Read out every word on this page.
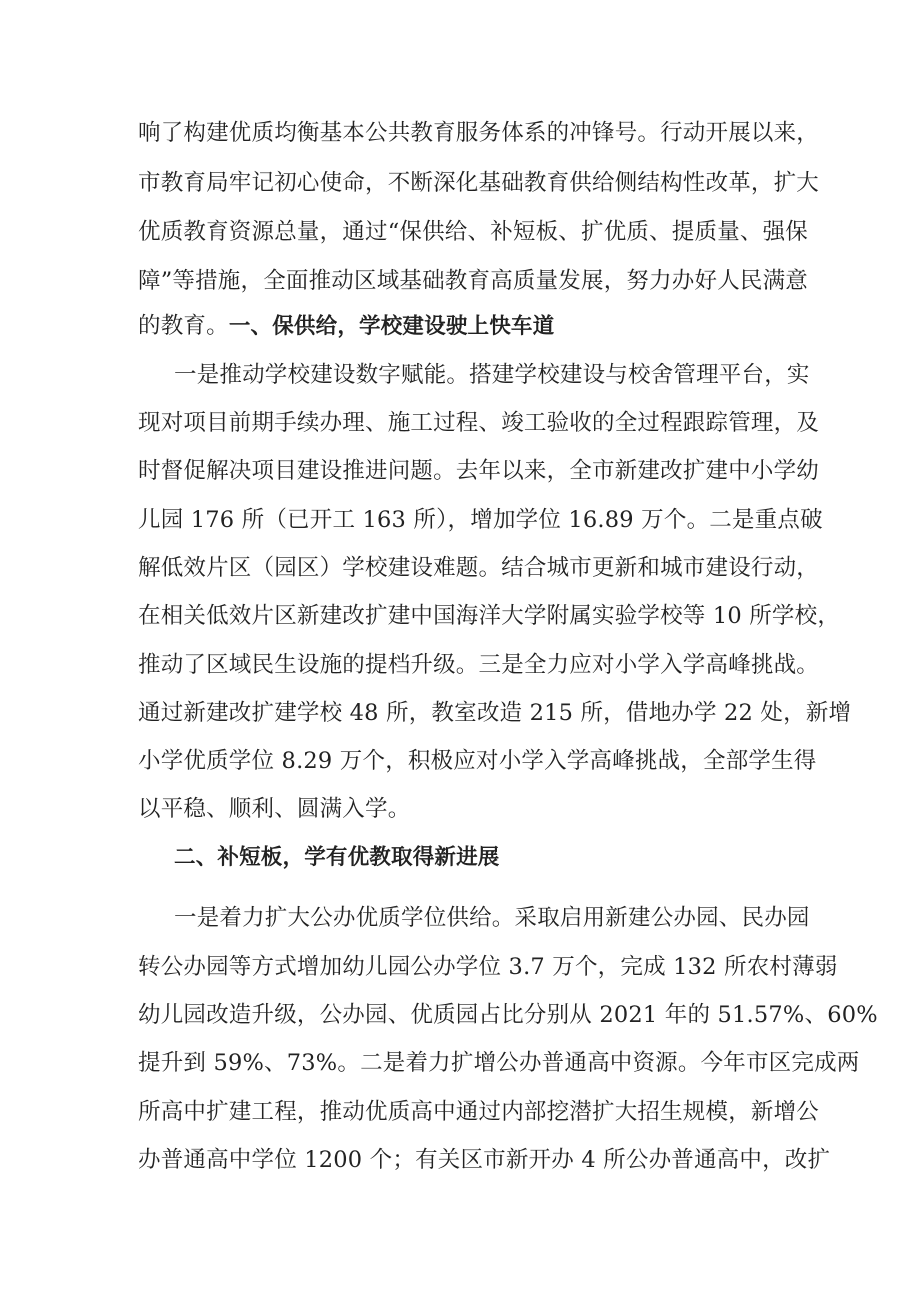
响了构建优质均衡基本公共教育服务体系的冲锋号。行动开展以来，
市教育局牢记初心使命，不断深化基础教育供给侧结构性改革，扩大
优质教育资源总量，通过“保供给、补短板、扩优质、提质量、强保
障”等措施，全面推动区域基础教育高质量发展，努力办好人民满意
的教育。一、保供给，学校建设驶上快车道
一是推动学校建设数字赋能。搭建学校建设与校舍管理平台，实
现对项目前期手续办理、施工过程、竣工验收的全过程跟踪管理，及
时督促解决项目建设推进问题。去年以来，全市新建改扩建中小学幼
儿园 176 所（已开工 163 所），增加学位 16.89 万个。二是重点破
解低效片区（园区）学校建设难题。结合城市更新和城市建设行动，
在相关低效片区新建改扩建中国海洋大学附属实验学校等 10 所学校，
推动了区域民生设施的提档升级。三是全力应对小学入学高峰挑战。
通过新建改扩建学校 48 所，教室改造 215 所，借地办学 22 处，新增
小学优质学位 8.29 万个，积极应对小学入学高峰挑战，全部学生得
以平稳、顺利、圆满入学。
二、补短板，学有优教取得新进展
一是着力扩大公办优质学位供给。采取启用新建公办园、民办园
转公办园等方式增加幼儿园公办学位 3.7 万个，完成 132 所农村薄弱
幼儿园改造升级，公办园、优质园占比分别从 2021 年的 51.57%、60%
提升到 59%、73%。二是着力扩增公办普通高中资源。今年市区完成两
所高中扩建工程，推动优质高中通过内部挖潜扩大招生规模，新增公
办普通高中学位 1200 个；有关区市新开办 4 所公办普通高中，改扩
